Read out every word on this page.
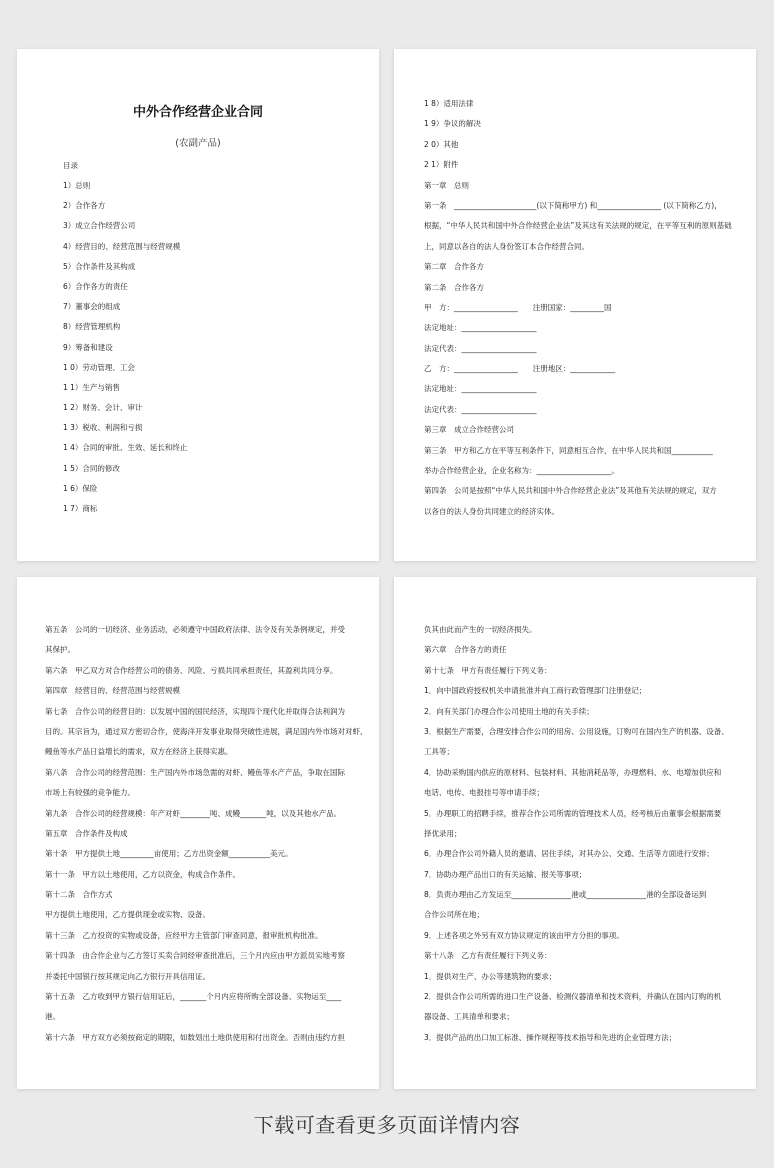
中外合作经营企业合同
(农副产品)
目录
1）总则
2）合作各方
3）成立合作经营公司
4）经营目的、经营范围与经营规模
5）合作条件及其构成
6）合作各方的责任
7）董事会的组成
8）经营管理机构
9）筹备和建设
1 0）劳动管理、工会
1 1）生产与销售
1 2）财务、会计、审计
1 3）税收、利润和亏损
1 4）合同的审批、生效、延长和终止
1 5）合同的修改
1 6）保险
1 7）商标
1 8）适用法律
1 9）争议的解决
2 0）其他
2 1）附件
第一章　总则
第一条　______________________(以下简称甲方) 和_________________ (以下简称乙方)，
根据，“中华人民共和国中外合作经营企业法”及其这有关法规的规定，在平等互利的原则基础
上，同意以各自的法人身份签订本合作经营合同。
第二章　合作各方
第二条　合作各方
甲　方：_________________　　注册国家：_________国
法定地址：____________________
法定代表：____________________
乙　方：_________________　　注册地区：____________
法定地址：____________________
法定代表：____________________
第三章　成立合作经营公司
第三条　甲方和乙方在平等互利条件下，同意相互合作，在中华人民共和国___________
举办合作经营企业，企业名称为：____________________。
第四条　公司是按照“中华人民共和国中外合作经营企业法”及其他有关法规的规定，双方
以各自的法人身份共同建立的经济实体。
第五条　公司的一切经济、业务活动，必须遵守中国政府法律、法令及有关条例规定，并受
其保护。
第六条　甲乙双方对合作经营公司的债务、风险、亏损共同承担责任，其盈利共同分享。
第四章　经营目的、经营范围与经营规模
第七条　合作公司的经营目的：以发展中国的国民经济，实现四个现代化并取得合法利润为
目的。其宗旨为，通过双方密切合作，使海洋开发事业取得突破性进展，满足国内外市场对对虾、
鳗鱼等水产品日益增长的需求，双方在经济上获得实惠。
第八条　合作公司的经营范围：生产国内外市场急需的对虾、鳗鱼等水产产品，争取在国际
市场上有较强的竞争能力。
第九条　合作公司的经营规模：年产对虾________吨、成鳗_______吨，以及其他水产品。
第五章　合作条件及构成
第十条　甲方提供土地_________亩使用；乙方出资金额___________美元。
第十一条　甲方以土地使用，乙方以资金，构成合作条件。
第十二条　合作方式
甲方提供土地使用，乙方提供现金或实物、设备。
第十三条　乙方投资的实物或设备，应经甲方主管部门审查同意，报审批机构批准。
第十四条　由合作企业与乙方签订买卖合同经审查批准后，三个月内应由甲方派员实地考察
并委托中国银行按其规定向乙方银行开具信用证。
第十五条　乙方收到甲方银行信用证后，_______个月内应将所购全部设备、实物运至____
港。
第十六条　甲方双方必须按商定的期限，如数划出土地供使用和付出资金。否则由违约方担
负其由此而产生的一切经济损失。
第六章　合作各方的责任
第十七条　甲方有责任履行下列义务：
1．向中国政府授权机关申请批准并向工商行政管理部门注册登记；
2．向有关部门办理合作公司使用土地的有关手续；
3．根据生产需要，合理安排合作公司的用房、公用设施，订购可在国内生产的机器、设备、
工具等；
4．协助采购国内供应的原材料、包装材料、其他消耗品等，办理燃料、水、电增加供应和
电话、电传、电报挂号等申请手续；
5．办理职工的招聘手续，推荐合作公司所需的管理技术人员，经考核后由董事会根据需要
择优录用；
6．办理合作公司外籍人员的邀请、居住手续，对其办公、交通、生活等方面进行安排；
7．协助办理产品出口的有关运输、报关等事项；
8．负责办理由乙方发运至________________港或________________港的全部设备运到
合作公司所在地；
9．上述各项之外另有双方协议规定的该由甲方分担的事项。
第十八条　乙方有责任履行下列义务：
1．提供对生产、办公等建筑物的要求；
2．提供合作公司所需的进口生产设备、检测仪器清单和技术资料，并确认在国内订购的机
器设备、工具清单和要求；
3．提供产品的出口加工标准、操作规程等技术指导和先进的企业管理方法；
下载可查看更多页面详情内容
